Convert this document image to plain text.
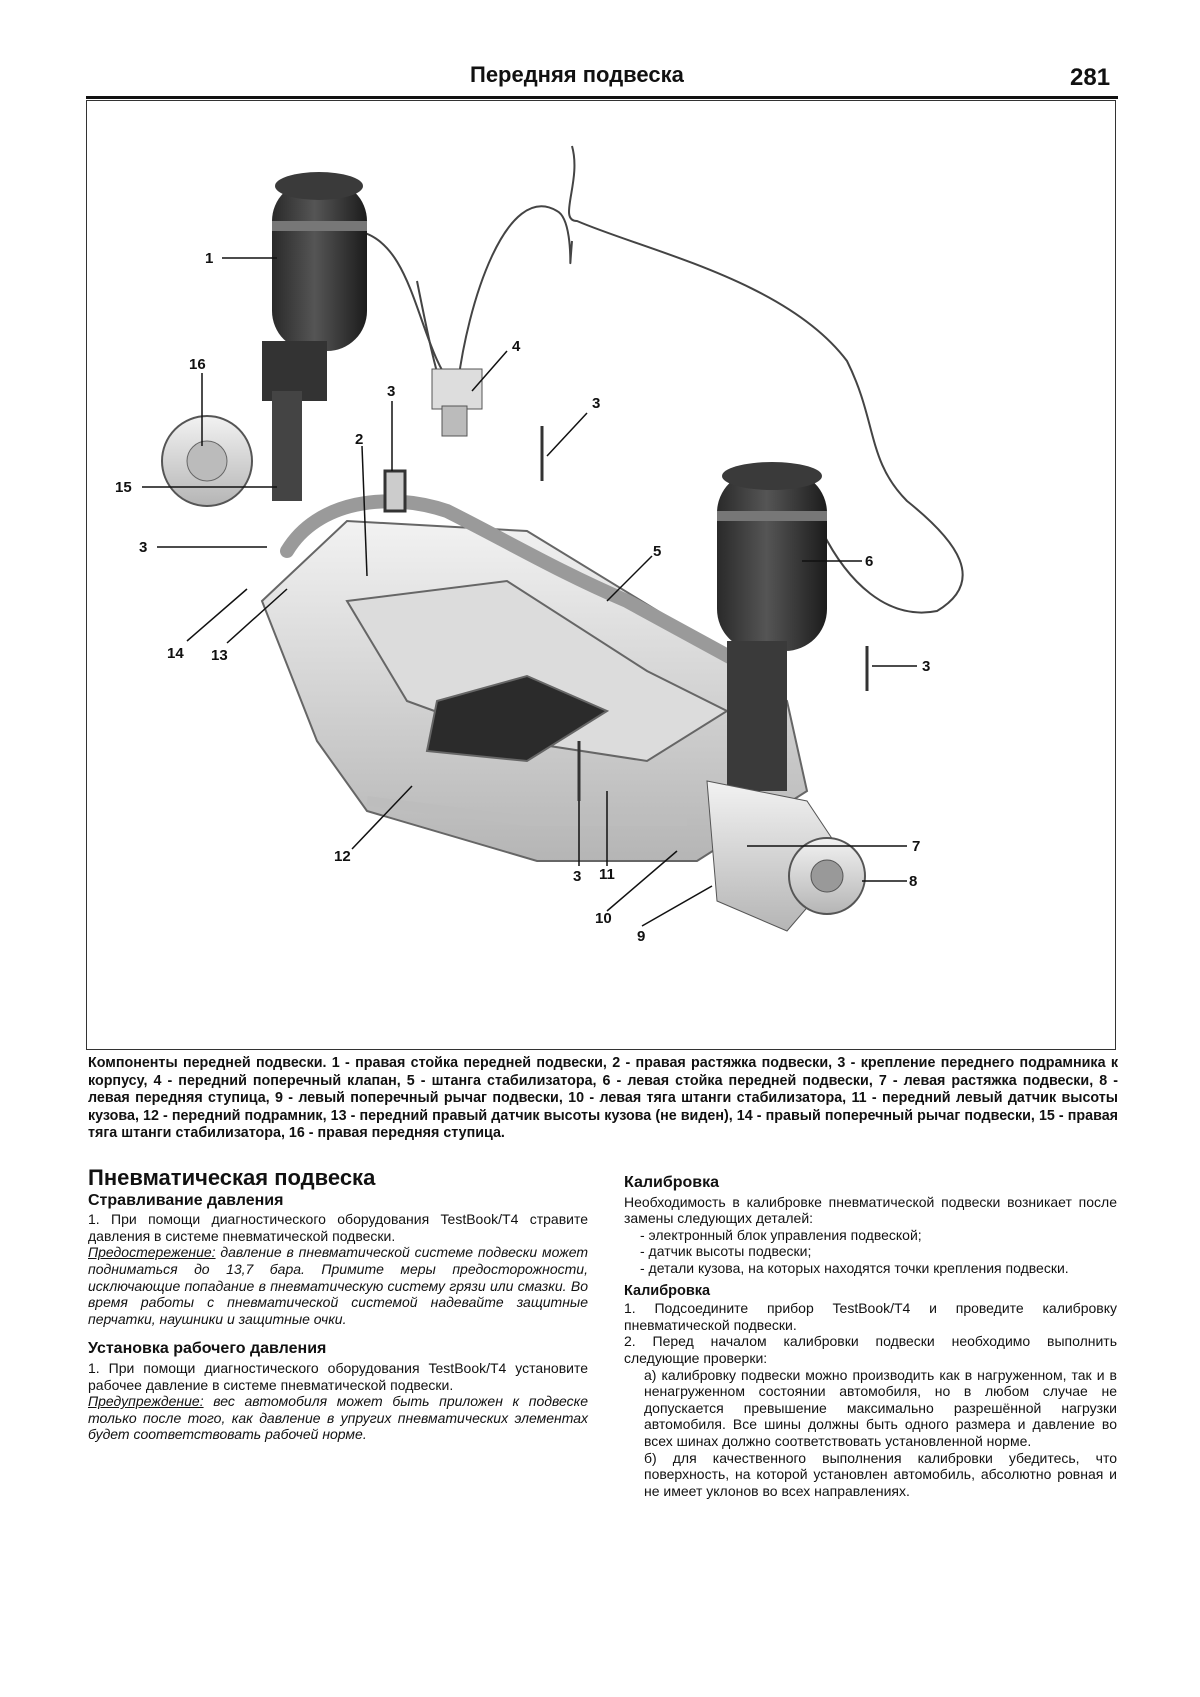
Передняя подвеска	281
1
16
15
3
14 13
3
2
4
3
5
6
3
7
8
9
10
11
3
12
Компоненты передней подвески. 1 - правая стойка передней подвески, 2 - правая растяжка подвески, 3 - крепление переднего подрамника к корпусу, 4 - передний поперечный клапан, 5 - штанга стабилизатора, 6 - левая стойка передней подвески, 7 - левая растяжка подвески, 8 - левая передняя ступица, 9 - левый поперечный рычаг подвески, 10 - левая тяга штанги стабилизатора, 11 - передний левый датчик высоты кузова, 12 - передний подрамник, 13 - передний правый датчик высоты кузова (не виден), 14 - правый поперечный рычаг подвески, 15 - правая тяга штанги стабилизатора, 16 - правая передняя ступица.
Пневматическая подвеска
Стравливание давления

1. При помощи диагностического оборудования TestBook/T4 стравите давления в системе пневматической подвески.

Предостережение: давление в пневматической системе подвески может подниматься до 13,7 бара. Примите меры предосторожности, исключающие попадание в пневматическую систему грязи или смазки. Во время работы с пневматической системой надевайте защитные перчатки, наушники и защитные очки.

Установка рабочего давления

1. При помощи диагностического оборудования TestBook/T4 установите рабочее давление в системе пневматической подвески.

Предупреждение: вес автомобиля может быть приложен к подвеске только после того, как давление в упругих пневматических элементах будет соответствовать рабочей норме.

Калибровка

Необходимость в калибровке пневматической подвески возникает после замены следующих деталей:

- электронный блок управления подвеской;
- датчик высоты подвески;
- детали кузова, на которых находятся точки крепления подвески.
Калибровка

1. Подсоедините прибор TestBook/T4 и проведите калибровку пневматической подвески.

2. Перед началом калибровки подвески необходимо выполнить следующие проверки:

а) калибровку подвески можно производить как в нагруженном, так и в ненагруженном состоянии автомобиля, но в любом случае не допускается превышение максимально разрешённой нагрузки автомобиля. Все шины должны быть одного размера и давление во всех шинах должно соответствовать установленной норме.

б) для качественного выполнения калибровки убедитесь, что поверхность, на которой установлен автомобиль, абсолютно ровная и не имеет уклонов во всех направлениях.
